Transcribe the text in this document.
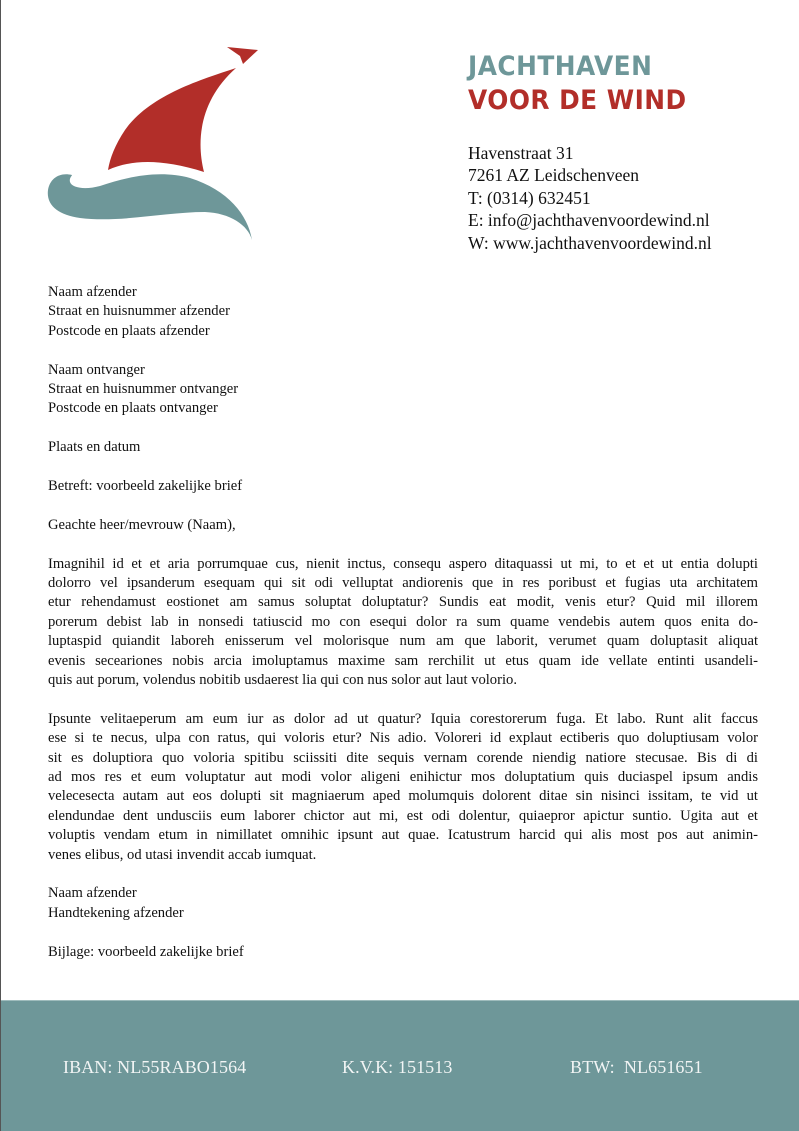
JACHTHAVEN
VOOR DE WIND
Havenstraat 31
7261 AZ Leidschenveen
T: (0314) 632451
E: info@jachthavenvoordewind.nl
W: www.jachthavenvoordewind.nl
Naam afzender
Straat en huisnummer afzender
Postcode en plaats afzender
Naam ontvanger
Straat en huisnummer ontvanger
Postcode en plaats ontvanger
Plaats en datum
Betreft: voorbeeld zakelijke brief
Geachte heer/mevrouw (Naam),

Imagnihil id et et aria porrumquae cus, nienit inctus, consequ aspero ditaquassi ut mi, to et et ut entia dolupti
dolorro vel ipsanderum esequam qui sit odi velluptat andiorenis que in res poribust et fugias uta architatem
etur rehendamust eostionet am samus soluptat doluptatur? Sundis eat modit, venis etur? Quid mil illorem
porerum debist lab in nonsedi tatiuscid mo con esequi dolor ra sum quame vendebis autem quos enita do-
luptaspid quiandit laboreh enisserum vel molorisque num am que laborit, verumet quam doluptasit aliquat
evenis seceariones nobis arcia imoluptamus maxime sam rerchilit ut etus quam ide vellate entinti usandeli-
quis aut porum, volendus nobitib usdaerest lia qui con nus solor aut laut volorio.

Ipsunte velitaeperum am eum iur as dolor ad ut quatur? Iquia corestorerum fuga. Et labo. Runt alit faccus
ese si te necus, ulpa con ratus, qui voloris etur? Nis adio. Voloreri id explaut ectiberis quo doluptiusam volor
sit es doluptiora quo voloria spitibu sciissiti dite sequis vernam corende niendig natiore stecusae. Bis di di
ad mos res et eum voluptatur aut modi volor aligeni enihictur mos doluptatium quis duciaspel ipsum andis
velecesecta autam aut eos dolupti sit magniaerum aped molumquis dolorent ditae sin nisinci issitam, te vid ut
elendundae dent undusciis eum laborer chictor aut mi, est odi dolentur, quiaepror apictur suntio. Ugita aut et
voluptis vendam etum in nimillatet omnihic ipsunt aut quae. Icatustrum harcid qui alis most pos aut animin-
venes elibus, od utasi invendit accab iumquat.

Naam afzender
Handtekening afzender
Bijlage: voorbeeld zakelijke brief
IBAN: NL55RABO1564	K.V.K: 151513	BTW:  NL651651
